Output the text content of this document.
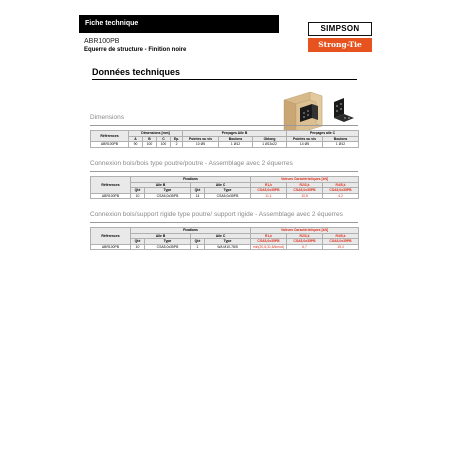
Fiche technique
ABR100PB
Equerre de structure - Finition noire
SIMPSON
Strong-Tie
Données techniques
Dimensions
Références	Dimensions [mm]				Perçages Aile B			Perçages aile C	
	A	B	C	Ep.	Pointes ou vis	Boulons	Oblong	Pointes ou vis	Boulons
ABR100PB	90	100	100	2	10 Ø5	1 Ø12	1 Ø13x22	14 Ø5	1 Ø12
Connexion bois/bois type poutre/poutre - Assemblage avec 2 équerres
Références	Fixations				Valeurs Caractéristiques [kN]		
	Aile B		Aile C		R1,k	R2/3,k	R4/5,k
	Qté	Type	Qté	Type	CSA5,0x35PB	CSA5,0x35PB	CSA5,0x35PB
ABR100PB	10	CSA5,0x35PB	14	CSA5,0x35PB	11,1	10,8	4,2
Connexion bois/support rigide type poutre/ support rigide - Assemblage avec 2 équerres
Références	Fixations				Valeurs Caractéristiques [kN]		
	Aile B		Aile C		R1,k	R2/3,k	R4/5,k
	Qté	Type	Qté	Type	CSA5,0x35PB	CSA5,0x35PB	CSA5,0x35PB
ABR100PB	10	CSA5,0x35PB	1	WA M10-78/5	min(20,6;31,6/kmod)	6,7	15,4
